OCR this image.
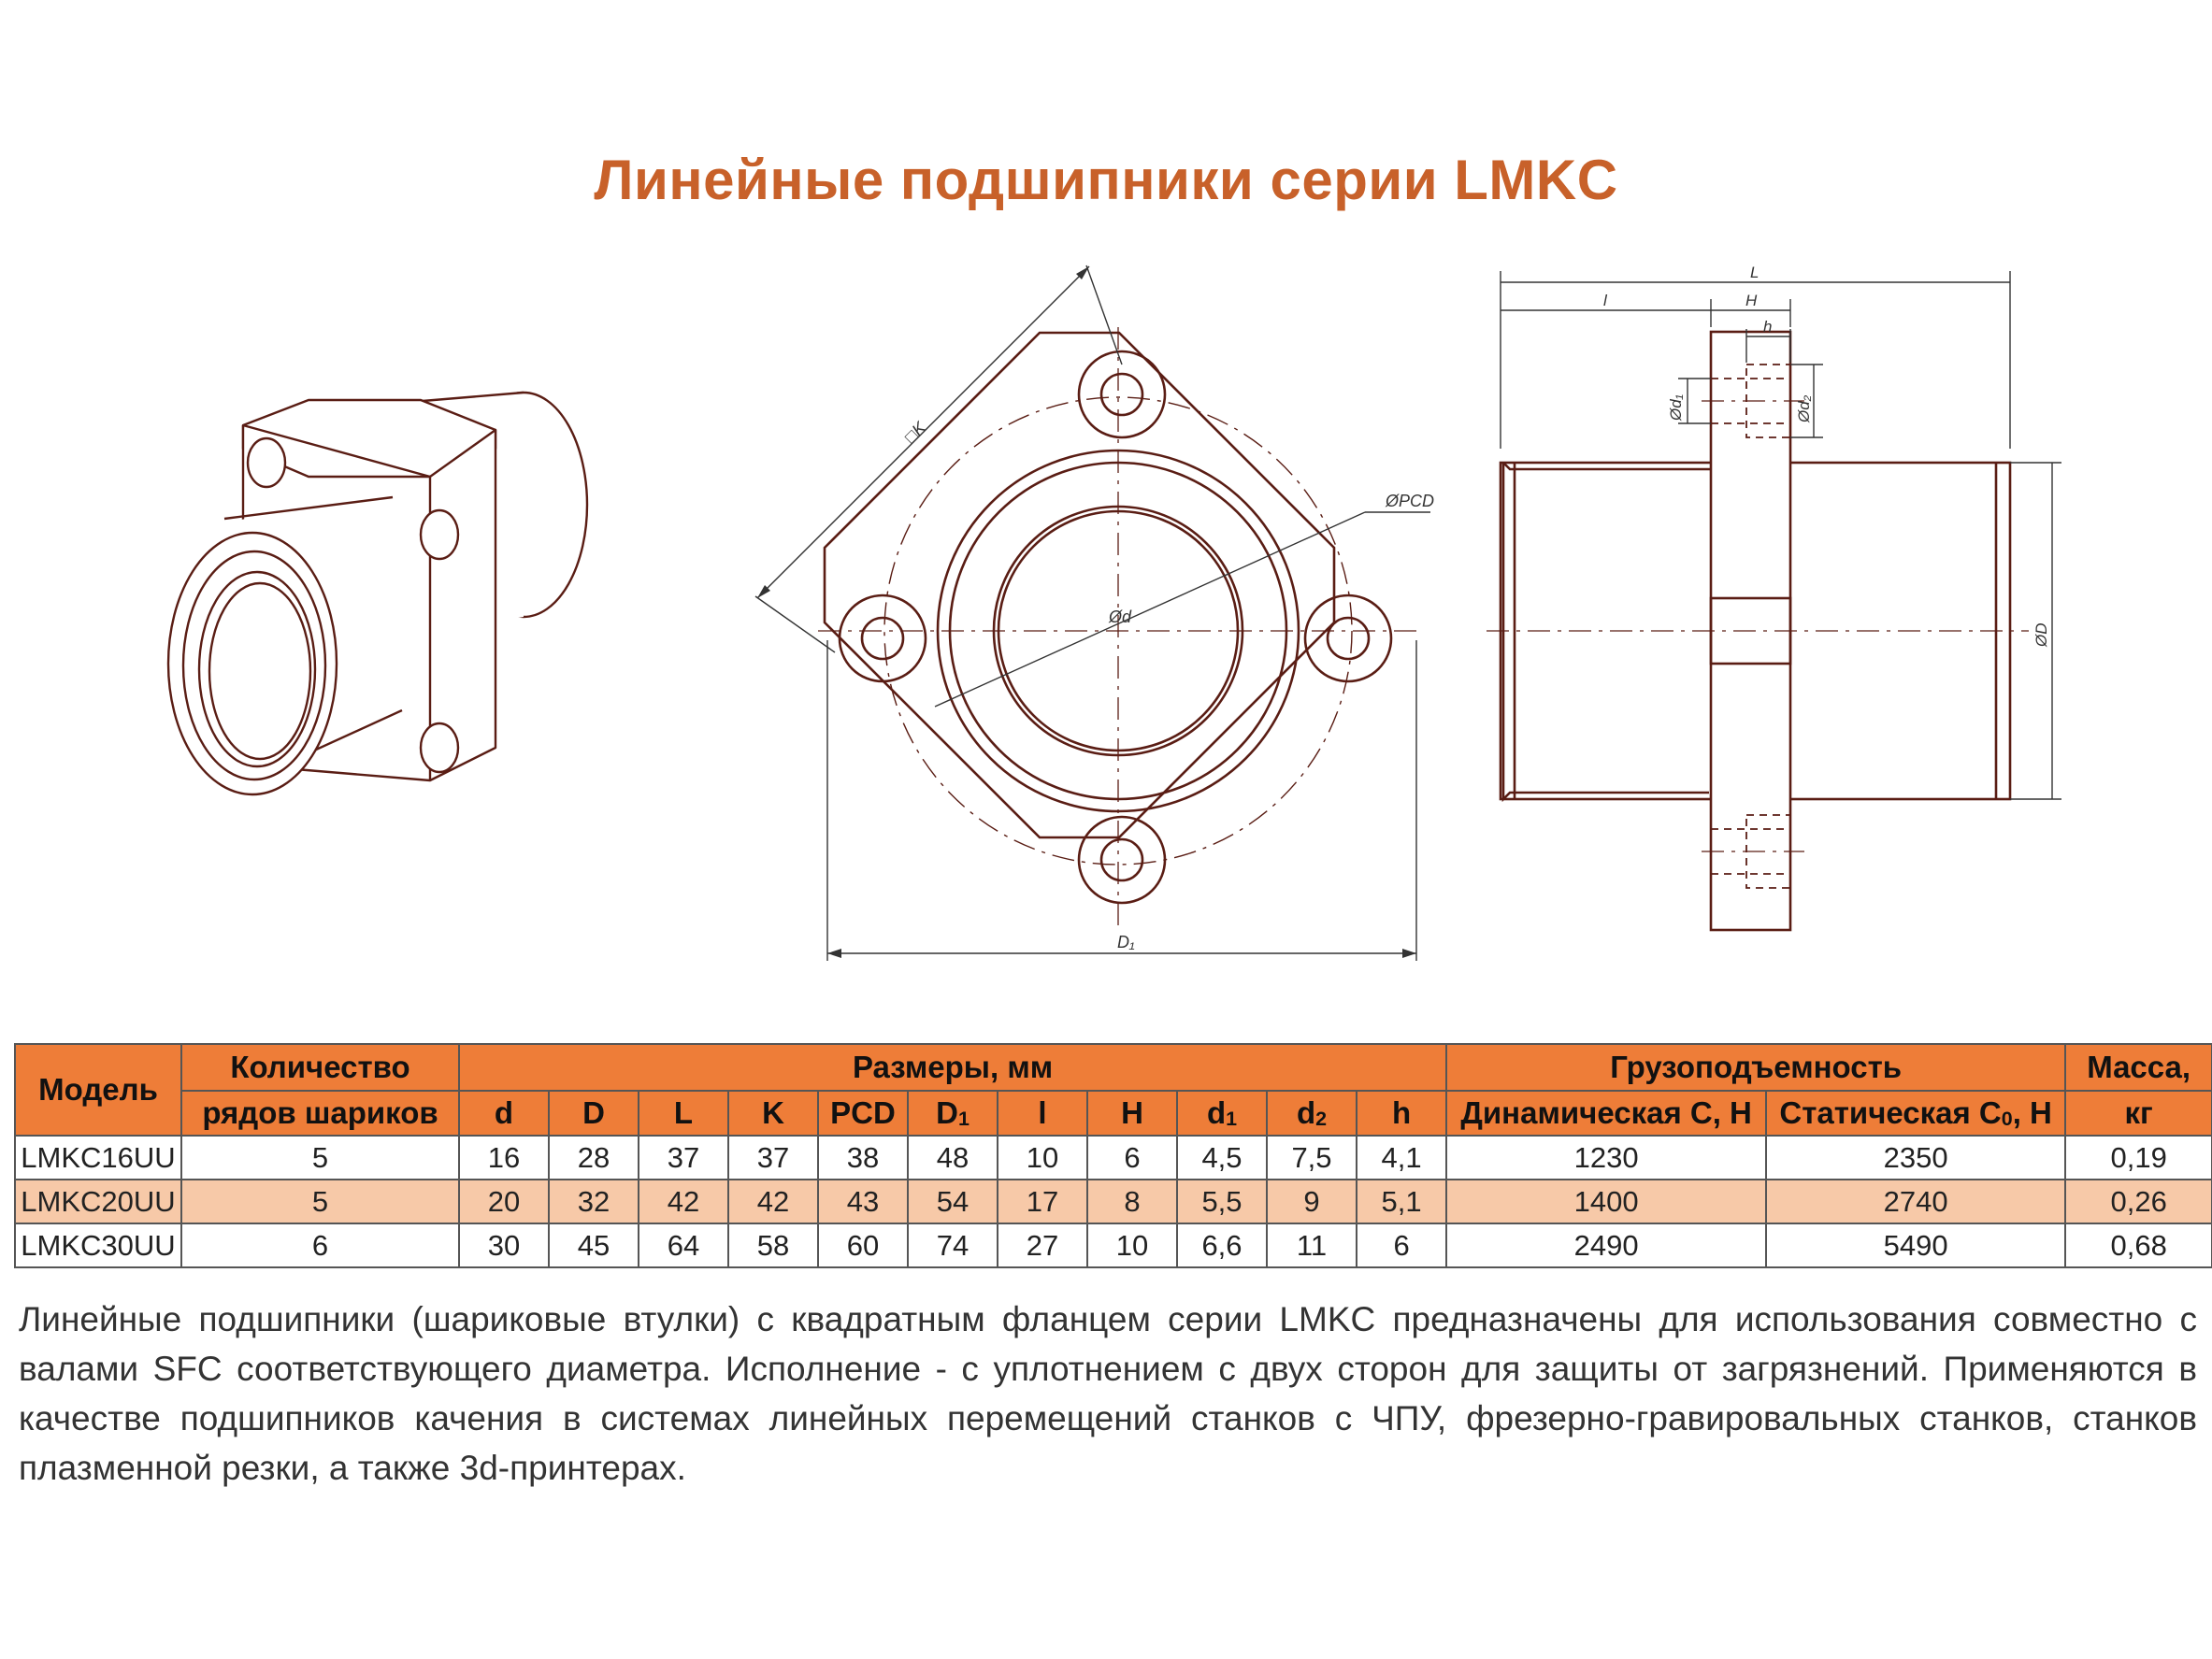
Линейные подшипники серии LMKC
□K
ØPCD
Ød
D₁
L
l	H
h
Ød₁	Ød₂
ØD
Модель	Количество	Размеры, мм											Грузоподъемность		Масса,
	рядов шариков	d	D	L	K	PCD	$D_1$	l	H	$d_1$	$d_2$	h	Динамическая С, Н	Статическая $С_0$, Н	кг
LMKC16UU	5	16	28	37	37	38	48	10	6	4,5	7,5	4,1	1230	2350	0,19
LMKC20UU	5	20	32	42	42	43	54	17	8	5,5	9	5,1	1400	2740	0,26
LMKC30UU	6	30	45	64	58	60	74	27	10	6,6	11	6	2490	5490	0,68
Линейные подшипники (шариковые втулки) с квадратным фланцем серии LMKC предназначены для использования совместно с валами SFC соответствующего диаметра. Исполнение - с уплотнением с двух сторон для защиты от загрязнений. Применяются в качестве подшипников качения в системах линейных перемещений станков с ЧПУ, фрезерно-гравировальных станков, станков плазменной резки, а также 3d-принтерах.
